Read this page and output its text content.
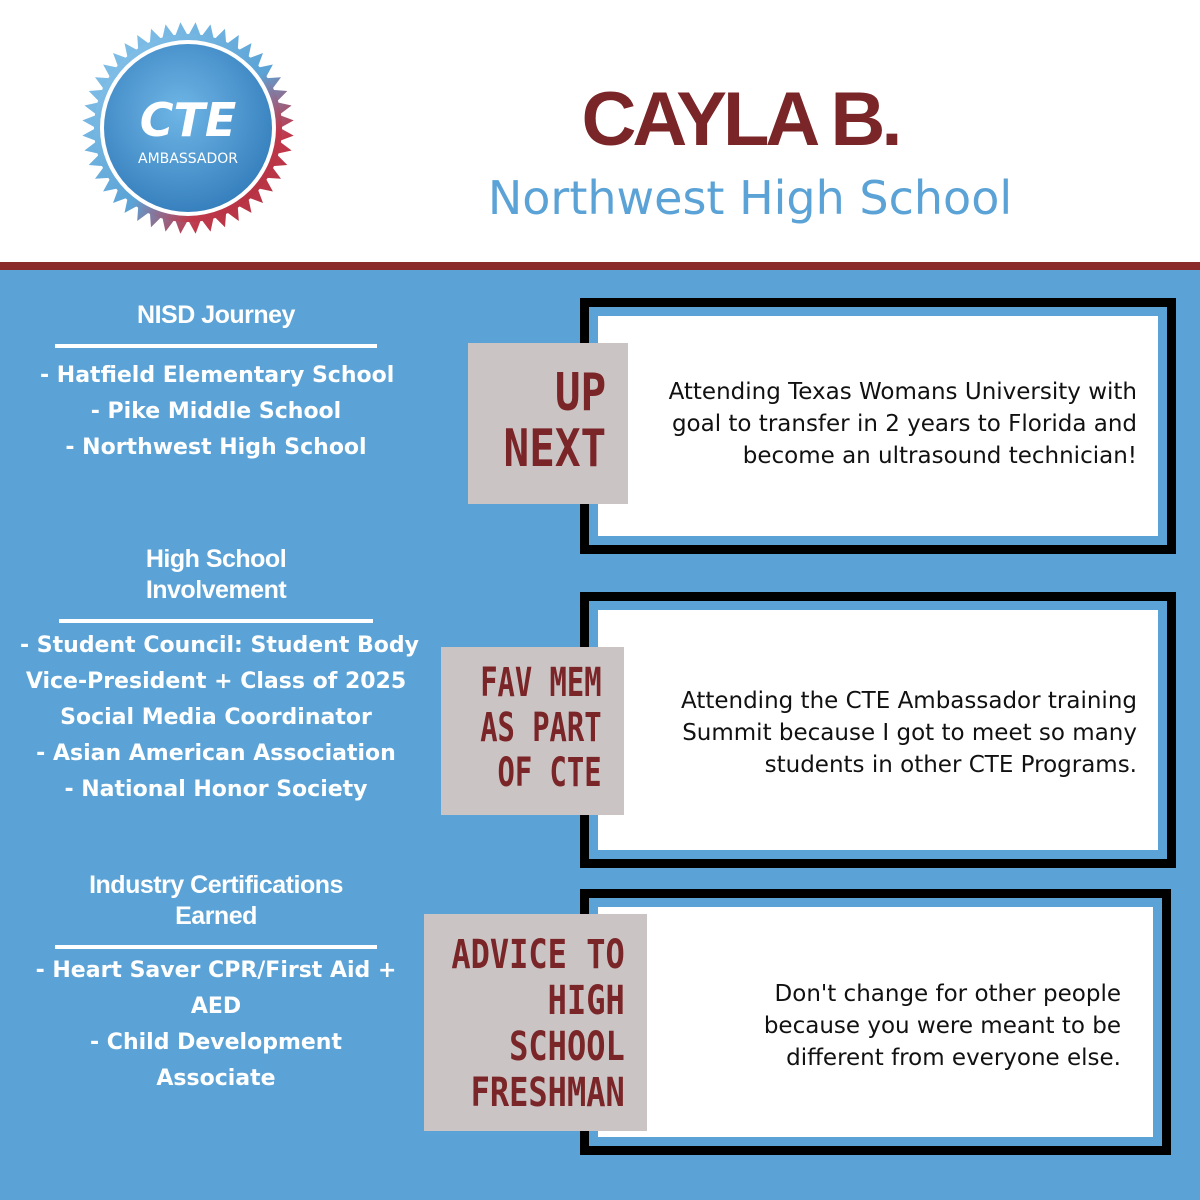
CTE
AMBASSADOR	CAYLA B.
Northwest High School
NISD Journey
- Hatfield Elementary School
- Pike Middle School
- Northwest High School
High School
Involvement
- Student Council: Student Body
Vice-President + Class of 2025
Social Media Coordinator
- Asian American Association
- National Honor Society
Industry Certifications
Earned
- Heart Saver CPR/First Aid +
AED
- Child Development
Associate
Attending Texas Womans University with
goal to transfer in 2 years to Florida and
become an ultrasound technician!
UP
NEXT
Attending the CTE Ambassador training
Summit because I got to meet so many
students in other CTE Programs.
FAV MEM
AS PART
OF CTE
Don't change for other people
because you were meant to be
different from everyone else.
ADVICE TO
HIGH
SCHOOL
FRESHMAN
